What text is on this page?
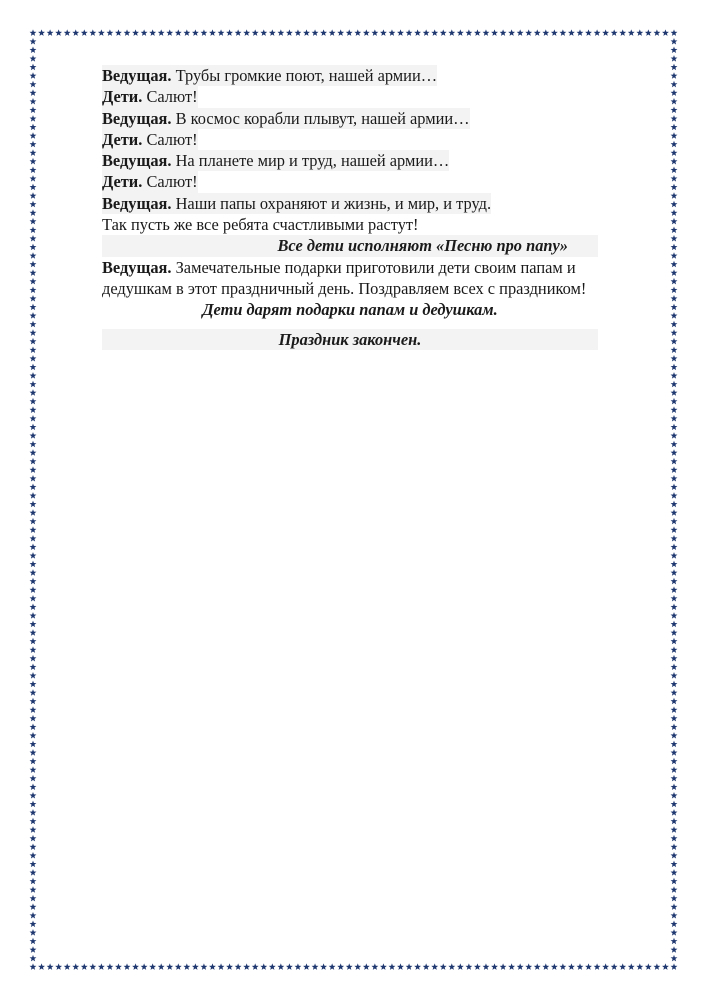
Ведущая. Трубы громкие поют, нашей армии…
Дети. Салют!
Ведущая. В космос корабли плывут, нашей армии…
Дети. Салют!
Ведущая. На планете мир и труд, нашей армии…
Дети. Салют!
Ведущая. Наши папы охраняют и жизнь, и мир, и труд.
Так пусть же все ребята счастливыми растут!
Все дети исполняют «Песню про папу»
Ведущая. Замечательные подарки приготовили дети своим папам и
дедушкам в этот праздничный день. Поздравляем всех с праздником!
Дети дарят подарки папам и дедушкам.
Праздник закончен.
